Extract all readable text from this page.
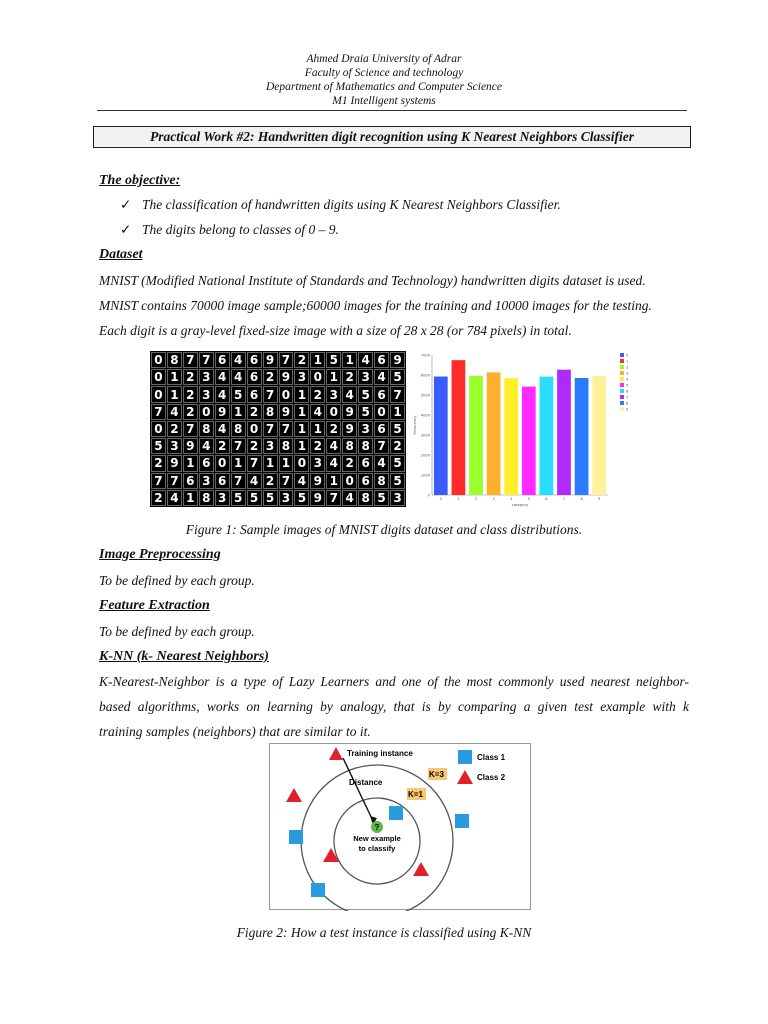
Ahmed Draia University of Adrar
Faculty of Science and technology
Department of Mathematics and Computer Science
M1 Intelligent systems
Practical Work #2: Handwritten digit recognition using K Nearest Neighbors Classifier
The objective:
✓ The classification of handwritten digits using K Nearest Neighbors Classifier.
✓ The digits belong to classes of 0 – 9.
Dataset
MNIST (Modified National Institute of Standards and Technology) handwritten digits dataset is used.
MNIST contains 70000 image sample;60000 images for the training and 10000 images for the testing.
Each digit is a gray-level fixed-size image with a size of 28 x 28 (or 784 pixels) in total.
0 8 7 7 6 4 6 9 7 2 1 5 1 4 6 9
0 1 2 3 4 4 6 2 9 3 0 1 2 3 4 5
0 1 2 3 4 5 6 7 0 1 2 3 4 5 6 7
7 4 2 0 9 1 2 8 9 1 4 0 9 5 0 1
0 2 7 8 4 8 0 7 7 1 1 2 9 3 6 5
5 3 9 4 2 7 2 3 8 1 2 4 8 8 7 2
2 9 1 6 0 1 7 1 1 0 3 4 2 6 4 5
7 7 6 3 6 7 4 2 7 4 9 1 0 6 8 5
2 4 1 8 3 5 5 5 3 5 9 7 4 8 5 3	0
1000
2000
3000
4000
5000
6000
7000
0	1	2	3	4	5	6	7	8	9
category
frequency
0
1
2
3
4
5
6
7
8
9
Figure 1: Sample images of MNIST digits dataset and class distributions.
Image Preprocessing
To be defined by each group.
Feature Extraction
To be defined by each group.
K-NN (k- Nearest Neighbors)
K-Nearest-Neighbor is a type of Lazy Learners and one of the most commonly used nearest neighbor-
based algorithms, works on learning by analogy, that is by comparing a given test example with k
training samples (neighbors) that are similar to it.
Training instance
Distance
K=3
K=1
?
New example
to classify
Class 1
Class 2
Figure 2: How a test instance is classified using K-NN
